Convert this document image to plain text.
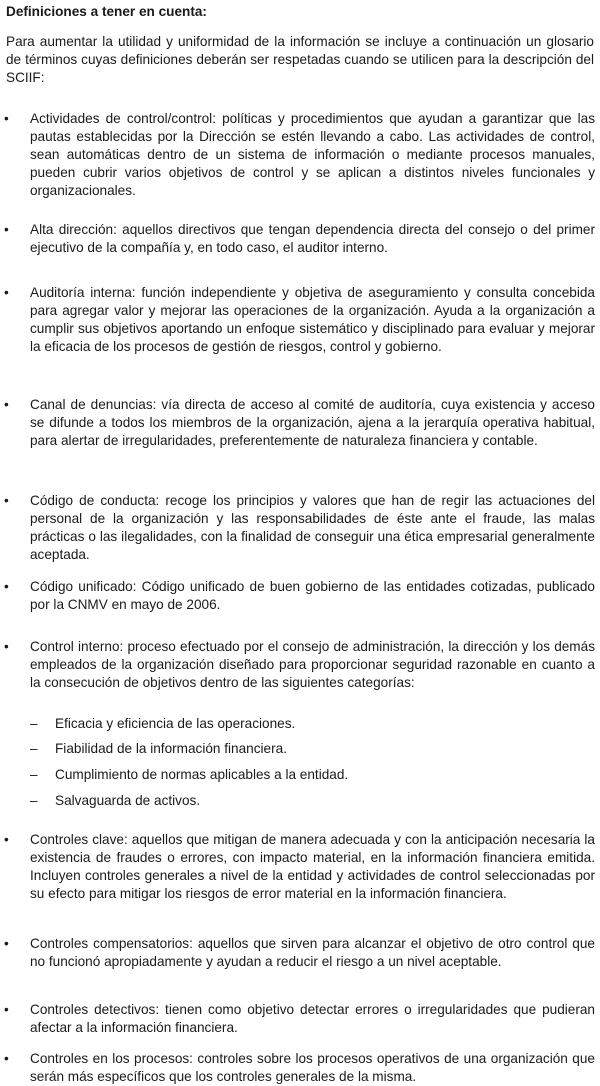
Definiciones a tener en cuenta:

Para aumentar la utilidad y uniformidad de la información se incluye a continuación un glosario de términos cuyas definiciones deberán ser respetadas cuando se utilicen para la descripción del SCIIF:

• Actividades de control/control: políticas y procedimientos que ayudan a garantizar que las pautas establecidas por la Dirección se estén llevando a cabo. Las actividades de control, sean automáticas dentro de un sistema de información o mediante procesos manuales, pueden cubrir varios objetivos de control y se aplican a distintos niveles funcionales y organizacionales.

• Alta dirección: aquellos directivos que tengan dependencia directa del consejo o del primer ejecutivo de la compañía y, en todo caso, el auditor interno.

• Auditoría interna: función independiente y objetiva de aseguramiento y consulta concebida para agregar valor y mejorar las operaciones de la organización. Ayuda a la organización a cumplir sus objetivos aportando un enfoque sistemático y disciplinado para evaluar y mejorar la eficacia de los procesos de gestión de riesgos, control y gobierno.

• Canal de denuncias: vía directa de acceso al comité de auditoría, cuya existencia y acceso se difunde a todos los miembros de la organización, ajena a la jerarquía operativa habitual, para alertar de irregularidades, preferentemente de naturaleza financiera y contable.

• Código de conducta: recoge los principios y valores que han de regir las actuaciones del personal de la organización y las responsabilidades de éste ante el fraude, las malas prácticas o las ilegalidades, con la finalidad de conseguir una ética empresarial generalmente aceptada.

• Código unificado: Código unificado de buen gobierno de las entidades cotizadas, publicado por la CNMV en mayo de 2006.

• Control interno: proceso efectuado por el consejo de administración, la dirección y los demás empleados de la organización diseñado para proporcionar seguridad razonable en cuanto a la consecución de objetivos dentro de las siguientes categorías:

– Eficacia y eficiencia de las operaciones.

– Fiabilidad de la información financiera.

– Cumplimiento de normas aplicables a la entidad.

– Salvaguarda de activos.

• Controles clave: aquellos que mitigan de manera adecuada y con la anticipación necesaria la existencia de fraudes o errores, con impacto material, en la información financiera emitida. Incluyen controles generales a nivel de la entidad y actividades de control seleccionadas por su efecto para mitigar los riesgos de error material en la información financiera.

• Controles compensatorios: aquellos que sirven para alcanzar el objetivo de otro control que no funcionó apropiadamente y ayudan a reducir el riesgo a un nivel aceptable.

• Controles detectivos: tienen como objetivo detectar errores o irregularidades que pudieran afectar a la información financiera.

• Controles en los procesos: controles sobre los procesos operativos de una organización que serán más específicos que los controles generales de la misma.
